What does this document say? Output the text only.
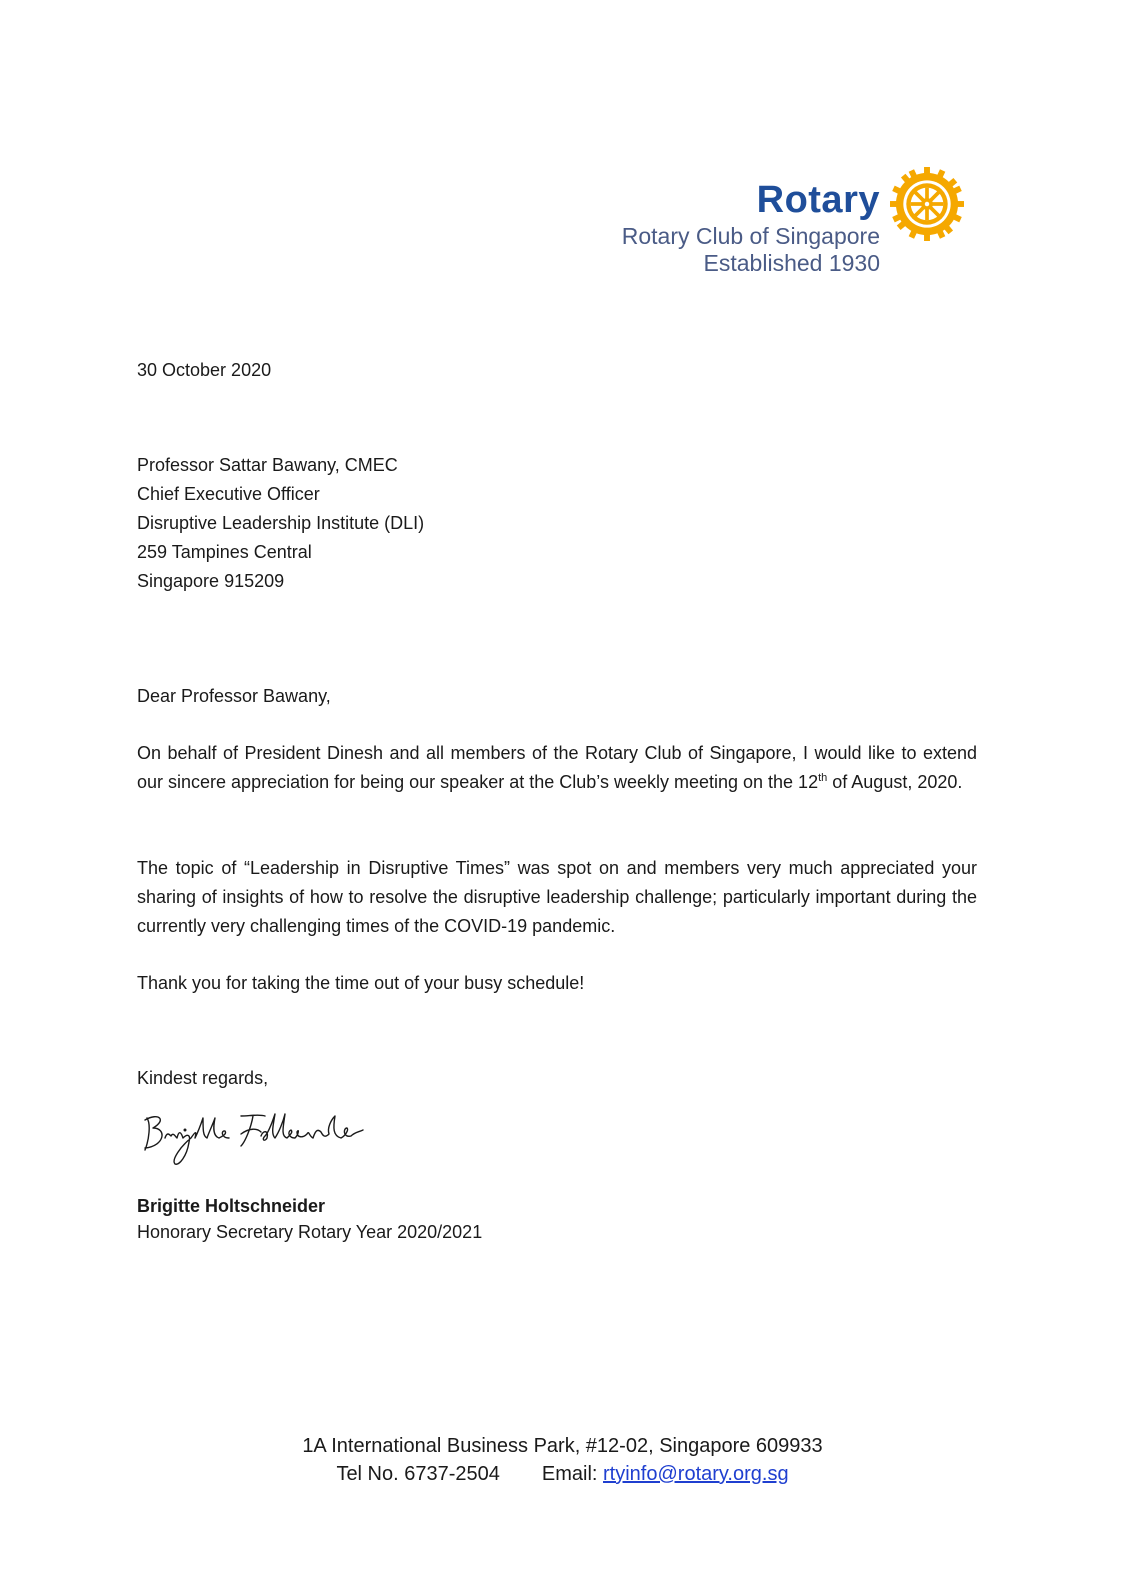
Rotary
Rotary Club of Singapore
Established 1930
30 October 2020
Professor Sattar Bawany, CMEC
Chief Executive Officer
Disruptive Leadership Institute (DLI)
259 Tampines Central
Singapore 915209
Dear Professor Bawany,

On behalf of President Dinesh and all members of the Rotary Club of Singapore, I would like to extend our sincere appreciation for being our speaker at the Club’s weekly meeting on the 12th of August, 2020.

The topic of “Leadership in Disruptive Times” was spot on and members very much appreciated your sharing of insights of how to resolve the disruptive leadership challenge; particularly important during the currently very challenging times of the COVID-19 pandemic.

Thank you for taking the time out of your busy schedule!

Kindest regards,
Brigitte Holtschneider
Honorary Secretary Rotary Year 2020/2021
1A International Business Park, #12-02, Singapore 609933
Tel No. 6737-2504 Email: rtyinfo@rotary.org.sg
